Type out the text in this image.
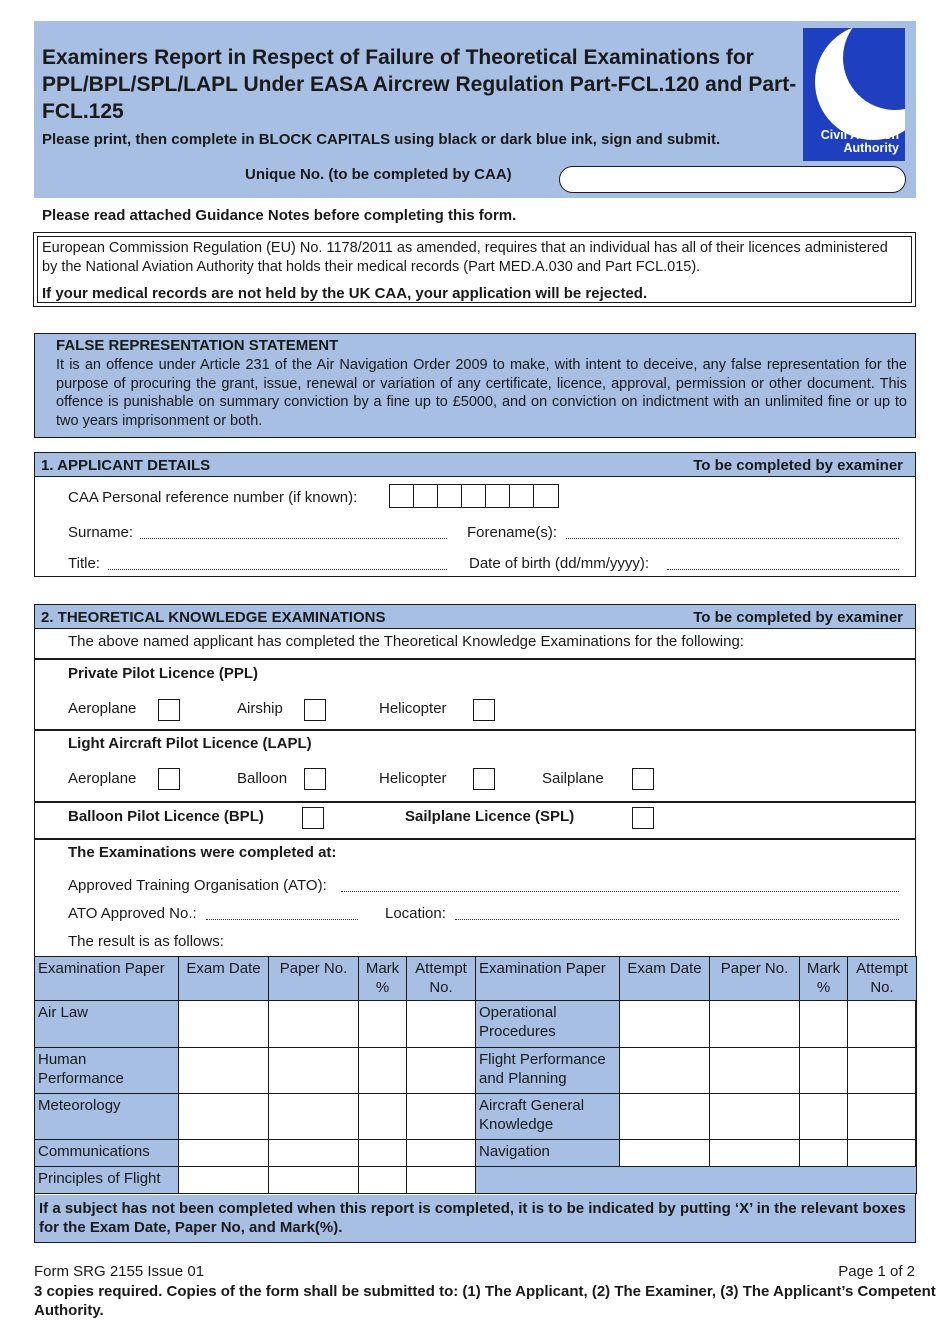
Examiners Report in Respect of Failure of Theoretical Examinations for PPL/BPL/SPL/LAPL Under EASA Aircrew Regulation Part-FCL.120 and Part-FCL.125
Please print, then complete in BLOCK CAPITALS using black or dark blue ink, sign and submit.
Unique No. (to be completed by CAA)
Civil Aviation Authority
Please read attached Guidance Notes before completing this form.
European Commission Regulation (EU) No. 1178/2011 as amended, requires that an individual has all of their licences administered by the National Aviation Authority that holds their medical records (Part MED.A.030 and Part FCL.015).
If your medical records are not held by the UK CAA, your application will be rejected.
FALSE REPRESENTATION STATEMENT
It is an offence under Article 231 of the Air Navigation Order 2009 to make, with intent to deceive, any false representation for the purpose of procuring the grant, issue, renewal or variation of any certificate, licence, approval, permission or other document. This offence is punishable on summary conviction by a fine up to £5000, and on conviction on indictment with an unlimited fine or up to two years imprisonment or both.
1. APPLICANT DETAILS	To be completed by examiner
CAA Personal reference number (if known):
Surname:	Forename(s):
Title:	Date of birth (dd/mm/yyyy):
2. THEORETICAL KNOWLEDGE EXAMINATIONS	To be completed by examiner
The above named applicant has completed the Theoretical Knowledge Examinations for the following:
Private Pilot Licence (PPL)
Aeroplane	Airship	Helicopter
Light Aircraft Pilot Licence (LAPL)
Aeroplane	Balloon	Helicopter	Sailplane
Balloon Pilot Licence (BPL)	Sailplane Licence (SPL)
The Examinations were completed at:
Approved Training Organisation (ATO):
ATO Approved No.:	Location:
The result is as follows:
Examination Paper	Exam Date	Paper No.	Mark %	Attempt No.	Examination Paper	Exam Date	Paper No.	Mark %	Attempt No.
Air Law					Operational Procedures				
Human Performance					Flight Performance and Planning				
Meteorology					Aircraft General Knowledge				
Communications					Navigation				
Principles of Flight									
If a subject has not been completed when this report is completed, it is to be indicated by putting ‘X’ in the relevant boxes for the Exam Date, Paper No, and Mark(%).
Form SRG 2155 Issue 01	Page 1 of 2
3 copies required. Copies of the form shall be submitted to: (1) The Applicant, (2) The Examiner, (3) The Applicant’s Competent Authority.
